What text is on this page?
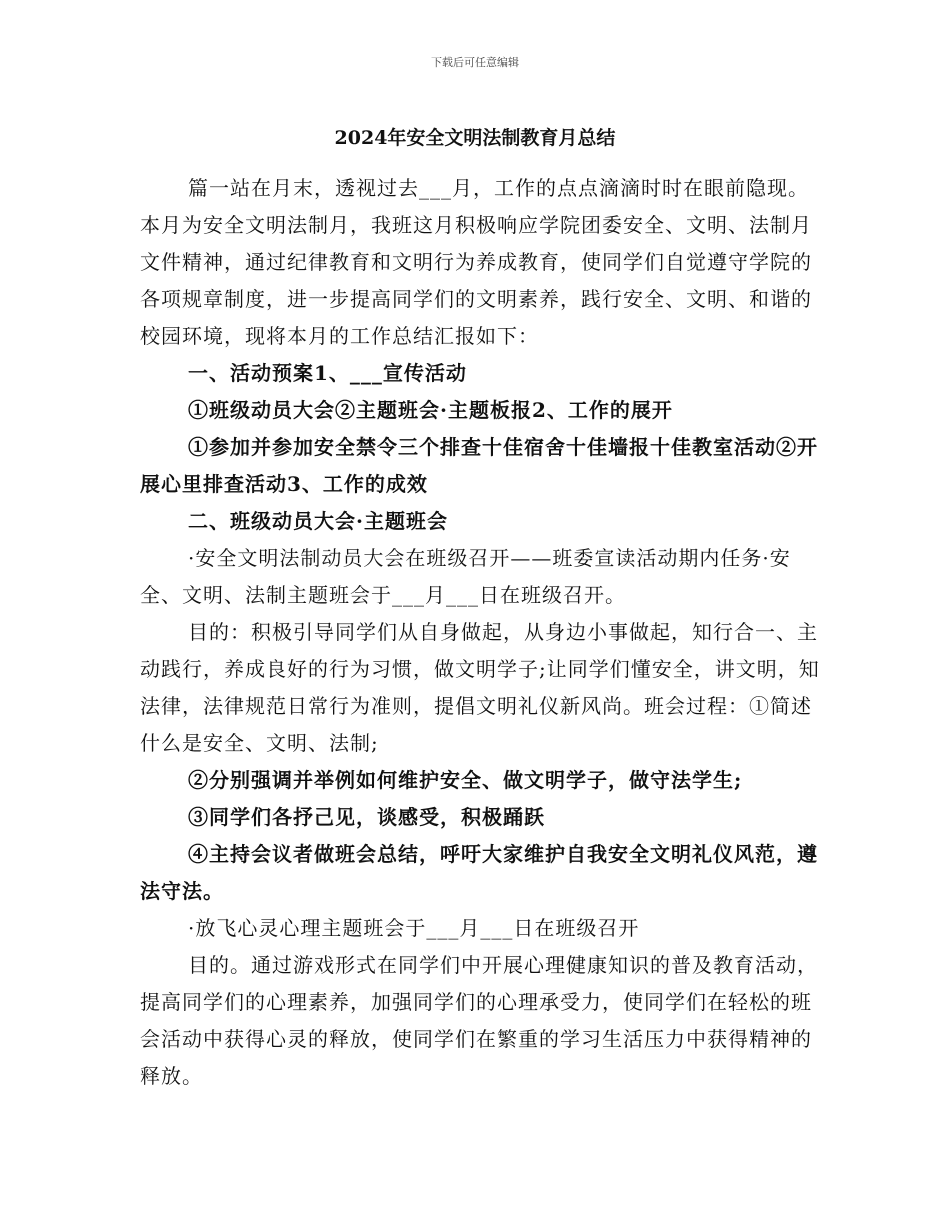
下载后可任意编辑
2024年安全文明法制教育月总结

篇一站在月末，透视过去___月，工作的点点滴滴时时在眼前隐现。本月为安全文明法制月，我班这月积极响应学院团委安全、文明、法制月文件精神，通过纪律教育和文明行为养成教育，使同学们自觉遵守学院的各项规章制度，进一步提高同学们的文明素养，践行安全、文明、和谐的校园环境，现将本月的工作总结汇报如下：

一、活动预案1、___宣传活动

①班级动员大会②主题班会·主题板报2、工作的展开

①参加并参加安全禁令三个排查十佳宿舍十佳墙报十佳教室活动②开展心里排查活动3、工作的成效

二、班级动员大会·主题班会

·安全文明法制动员大会在班级召开——班委宣读活动期内任务·安全、文明、法制主题班会于___月___日在班级召开。

目的：积极引导同学们从自身做起，从身边小事做起，知行合一、主动践行，养成良好的行为习惯，做文明学子;让同学们懂安全，讲文明，知法律，法律规范日常行为准则，提倡文明礼仪新风尚。班会过程：①简述什么是安全、文明、法制;

②分别强调并举例如何维护安全、做文明学子，做守法学生;

③同学们各抒己见，谈感受，积极踊跃

④主持会议者做班会总结，呼吁大家维护自我安全文明礼仪风范，遵法守法。

·放飞心灵心理主题班会于___月___日在班级召开

目的。通过游戏形式在同学们中开展心理健康知识的普及教育活动，提高同学们的心理素养，加强同学们的心理承受力，使同学们在轻松的班会活动中获得心灵的释放，使同学们在繁重的学习生活压力中获得精神的释放。
